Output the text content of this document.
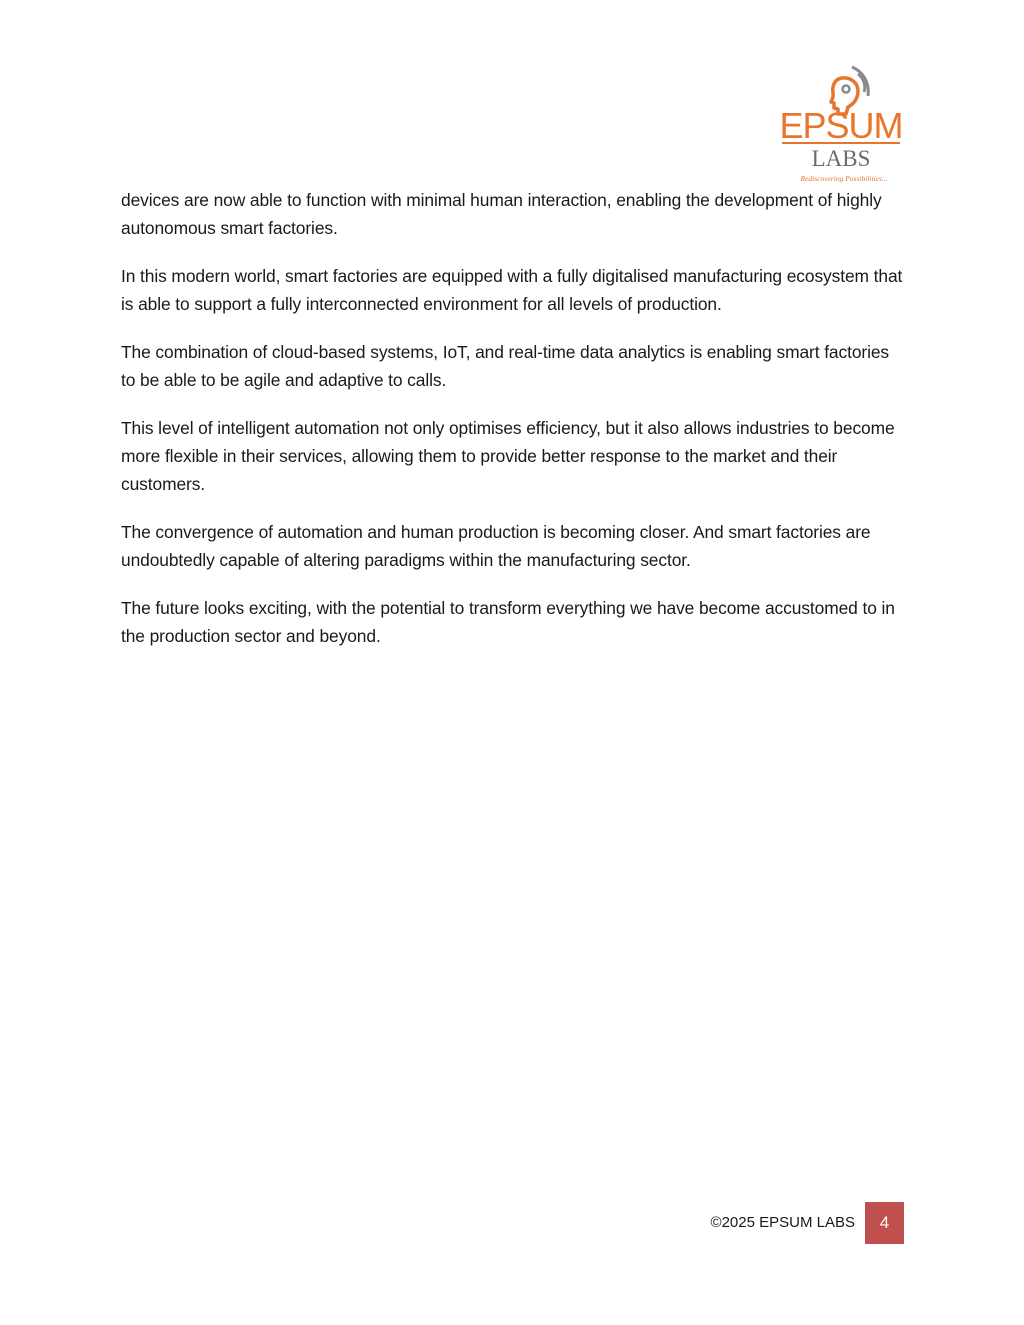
EPSUM
LABS
Rediscovering Possibilities...

devices are now able to function with minimal human interaction, enabling the development of highly autonomous smart factories.

In this modern world, smart factories are equipped with a fully digitalised manufacturing ecosystem that is able to support a fully interconnected environment for all levels of production.

The combination of cloud-based systems, IoT, and real-time data analytics is enabling smart factories to be able to be agile and adaptive to calls.

This level of intelligent automation not only optimises efficiency, but it also allows industries to become more flexible in their services, allowing them to provide better response to the market and their customers.

The convergence of automation and human production is becoming closer. And smart factories are undoubtedly capable of altering paradigms within the manufacturing sector.

The future looks exciting, with the potential to transform everything we have become accustomed to in the production sector and beyond.

©2025 EPSUM LABS	4
